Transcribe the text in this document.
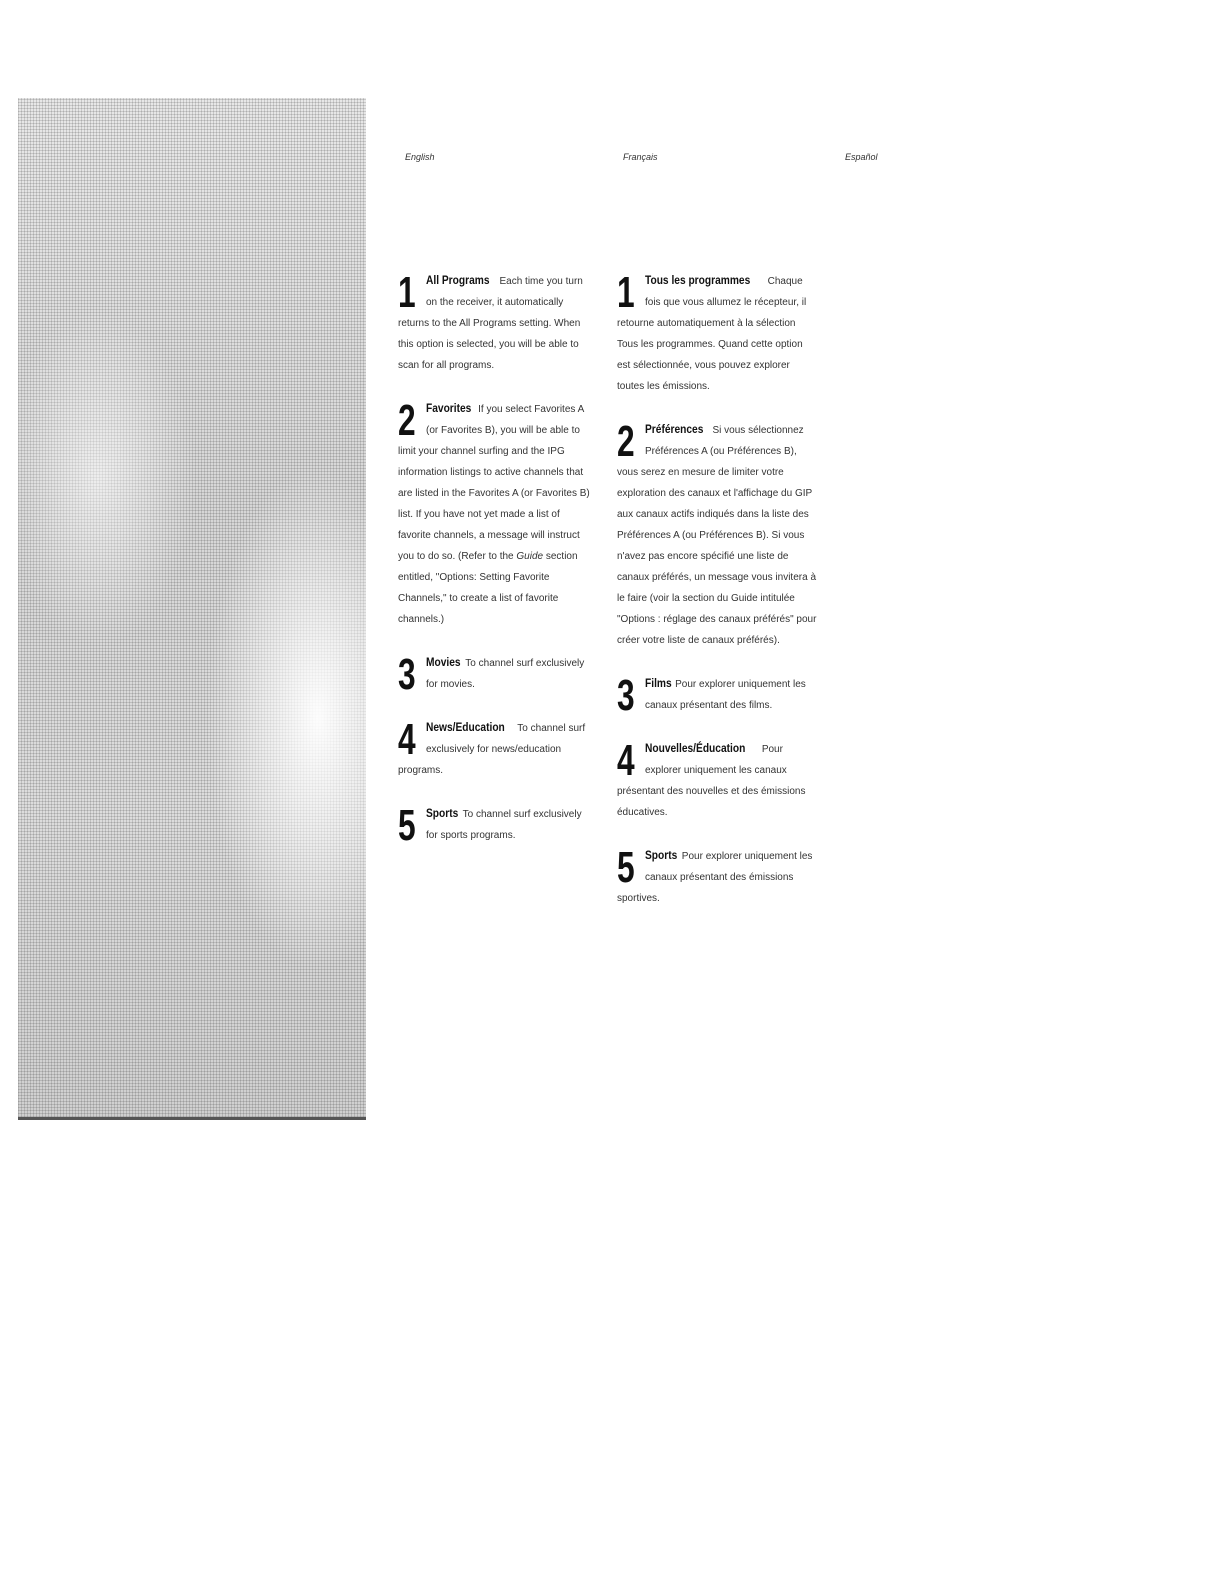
English	Français	Español
1 All Programs Each time you turn on the receiver, it automatically returns to the All Programs setting. When this option is selected, you will be able to scan for all programs.
2 Favorites If you select Favorites A (or Favorites B), you will be able to limit your channel surfing and the IPG information listings to active channels that are listed in the Favorites A (or Favorites B) list. If you have not yet made a list of favorite channels, a message will instruct you to do so. (Refer to the Guide section entitled, "Options: Setting Favorite Channels," to create a list of favorite channels.)
3 Movies To channel surf exclusively for movies.
4 News/Education To channel surf exclusively for news/education programs.
5 Sports To channel surf exclusively for sports programs.
1 Tous les programmes Chaque fois que vous allumez le récepteur, il retourne automatiquement à la sélection Tous les programmes. Quand cette option est sélectionnée, vous pouvez explorer toutes les émissions.
2 Préférences Si vous sélectionnez Préférences A (ou Préférences B), vous serez en mesure de limiter votre exploration des canaux et l'affichage du GIP aux canaux actifs indiqués dans la liste des Préférences A (ou Préférences B). Si vous n'avez pas encore spécifié une liste de canaux préférés, un message vous invitera à le faire (voir la section du Guide intitulée "Options : réglage des canaux préférés" pour créer votre liste de canaux préférés).
3 Films Pour explorer uniquement les canaux présentant des films.
4 Nouvelles/Éducation Pour explorer uniquement les canaux présentant des nouvelles et des émissions éducatives.
5 Sports Pour explorer uniquement les canaux présentant des émissions sportives.
